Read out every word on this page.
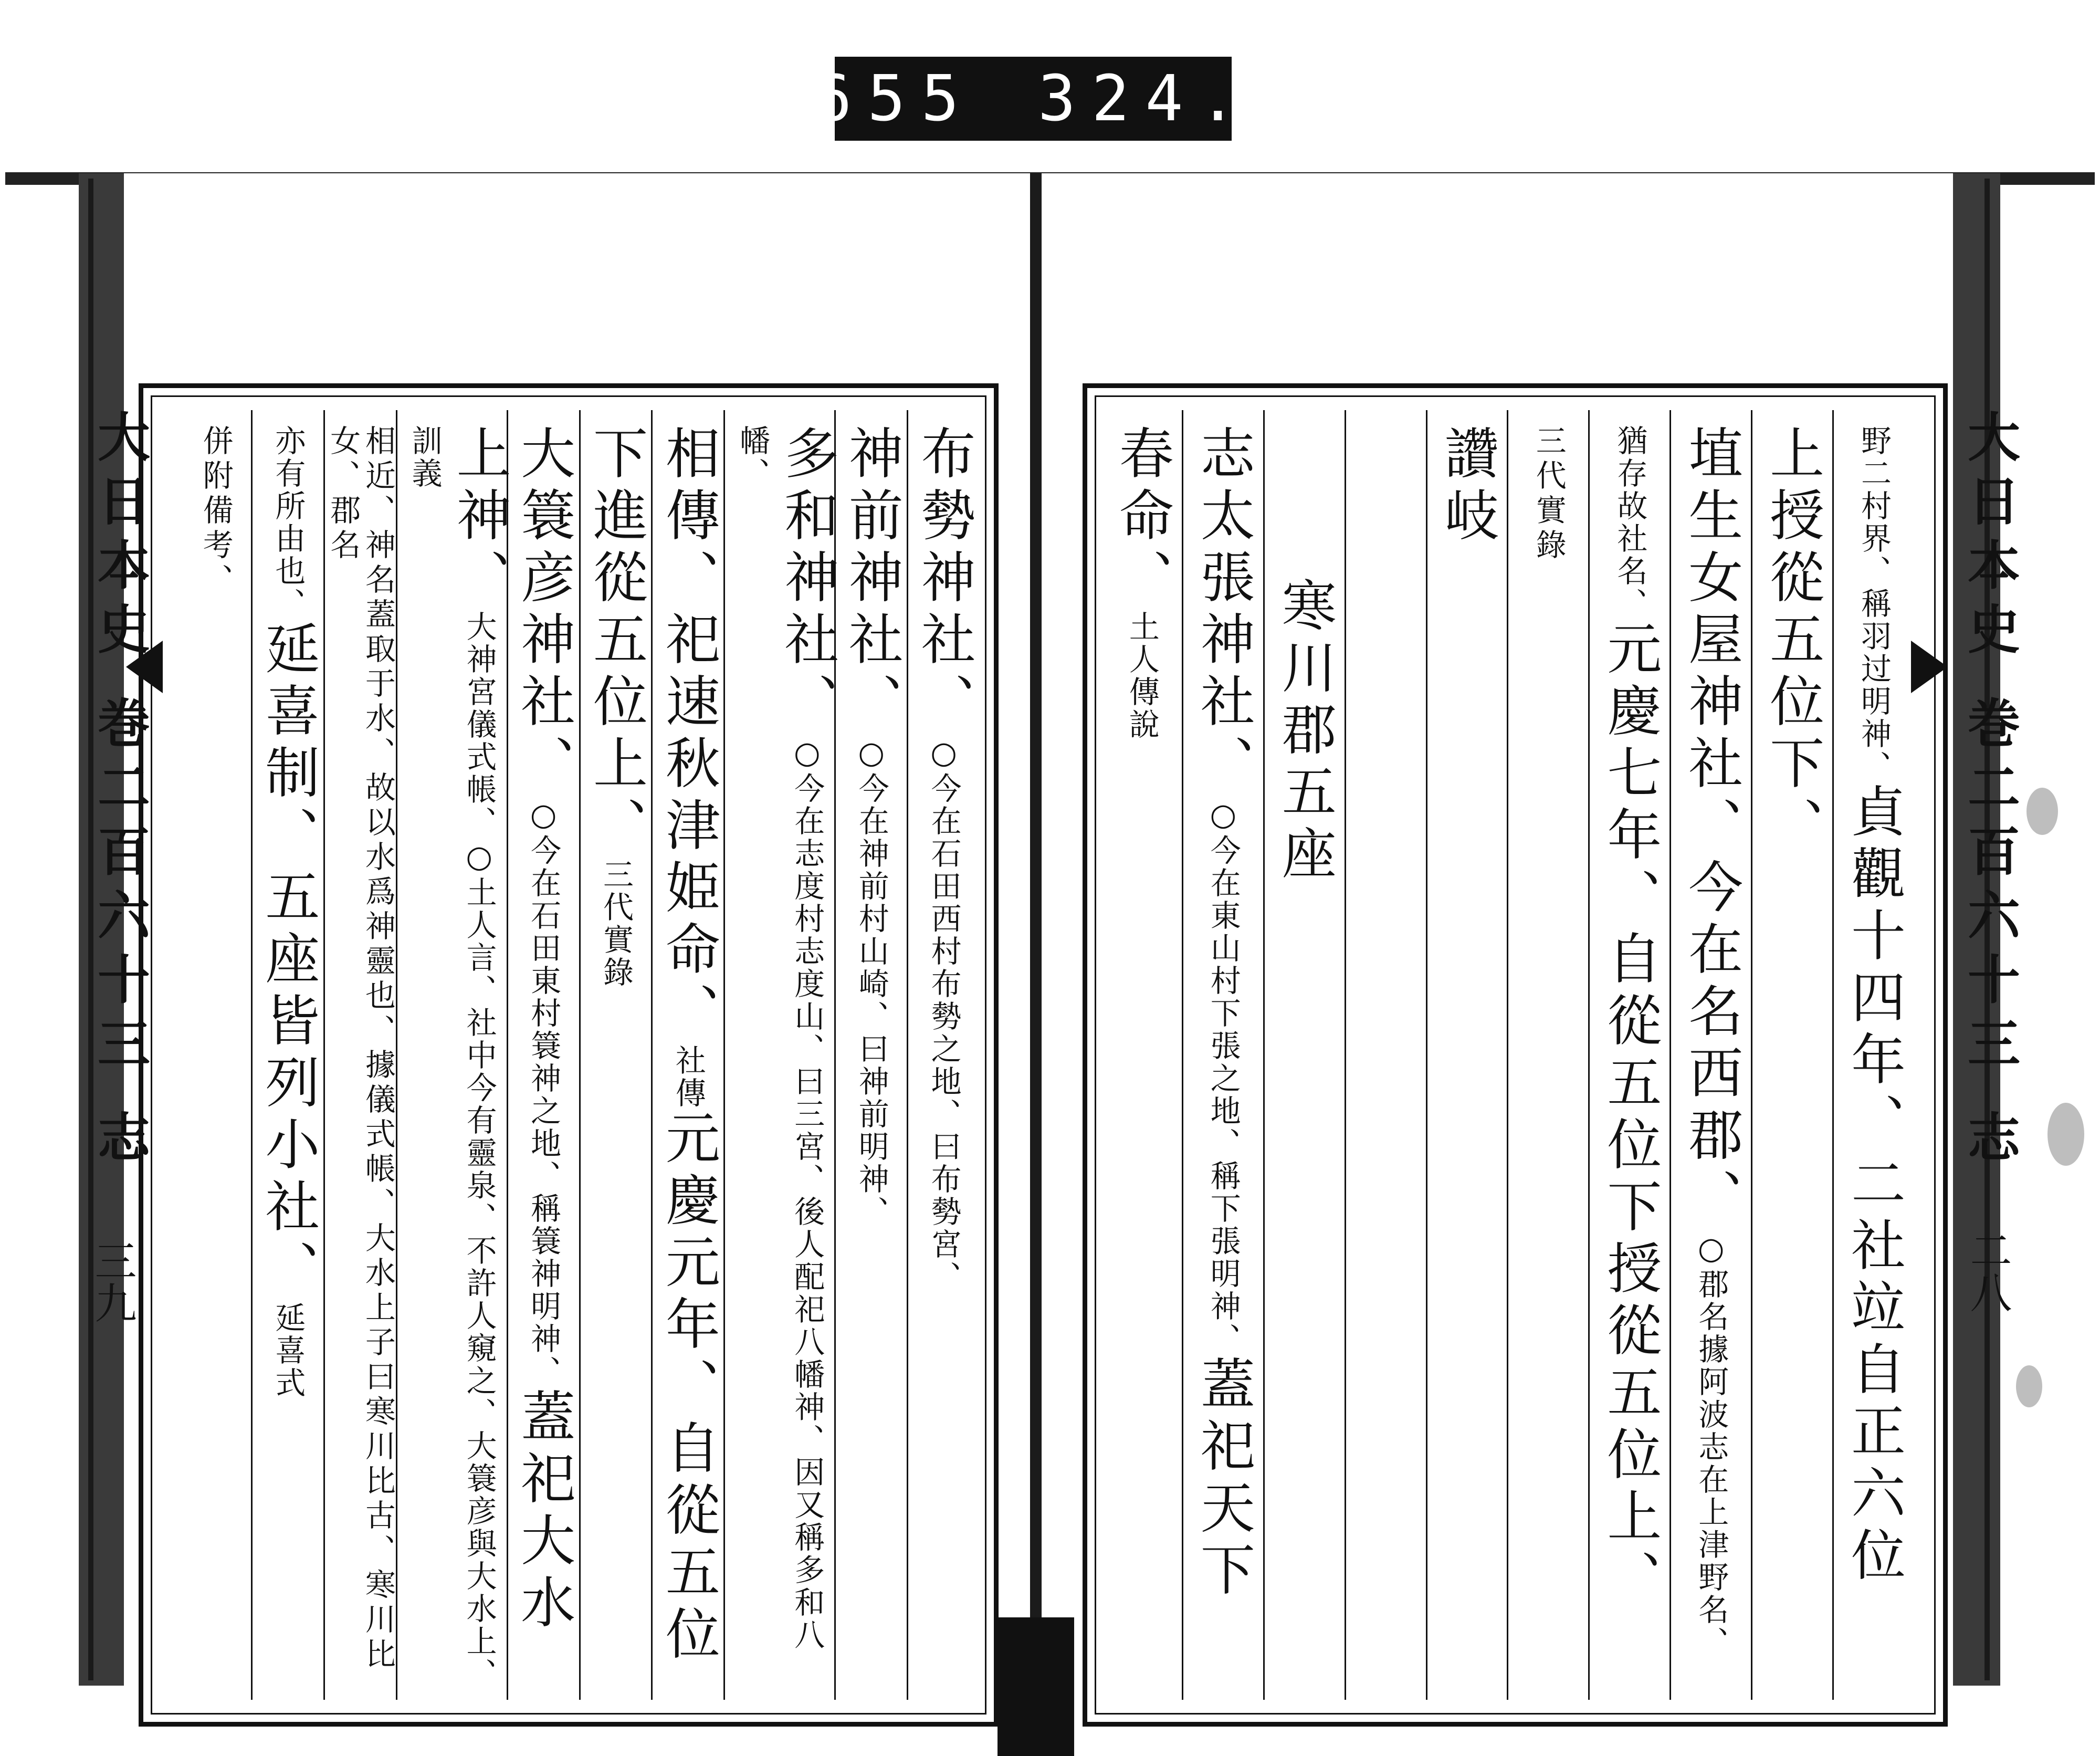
655 324.
布勢神社、○今在石田西村布勢之地、曰布勢宮、
神前神社、○今在神前村山崎、曰神前明神、
多和神社、○今在志度村志度山、曰三宮、後人配祀八幡神、因又稱多和八幡、
相傳、祀速秋津姫命、社傳元慶元年、自從五位
下進從五位上、三代實錄
大簑彦神社、○今在石田東村簑神之地、稱簑神明神、蓋祀大水
上神、大神宮儀式帳、○土人言、社中今有靈泉、不許人窺之、大簑彦與大水上、訓義
相近、神名蓋取于水、故以水爲神靈也、據儀式帳、大水上子曰寒川比古、寒川比女、郡名
亦有所由也、延喜制、五座皆列小社、延喜式
併附備考、	野二村界、稱羽过明神、貞觀十四年、二社竝自正六位
上授從五位下、
埴生女屋神社、今在名西郡、○郡名據阿波志在上津野名、
猶存故社名、元慶七年、自從五位下授從五位上、
三代實錄
讚岐
寒川郡五座
志太張神社、○今在東山村下張之地、稱下張明神、蓋祀天下
春命、土人傳說
大日本史 巻二百六十三 志
三九
大日本史 巻二百六十三 志
二八
